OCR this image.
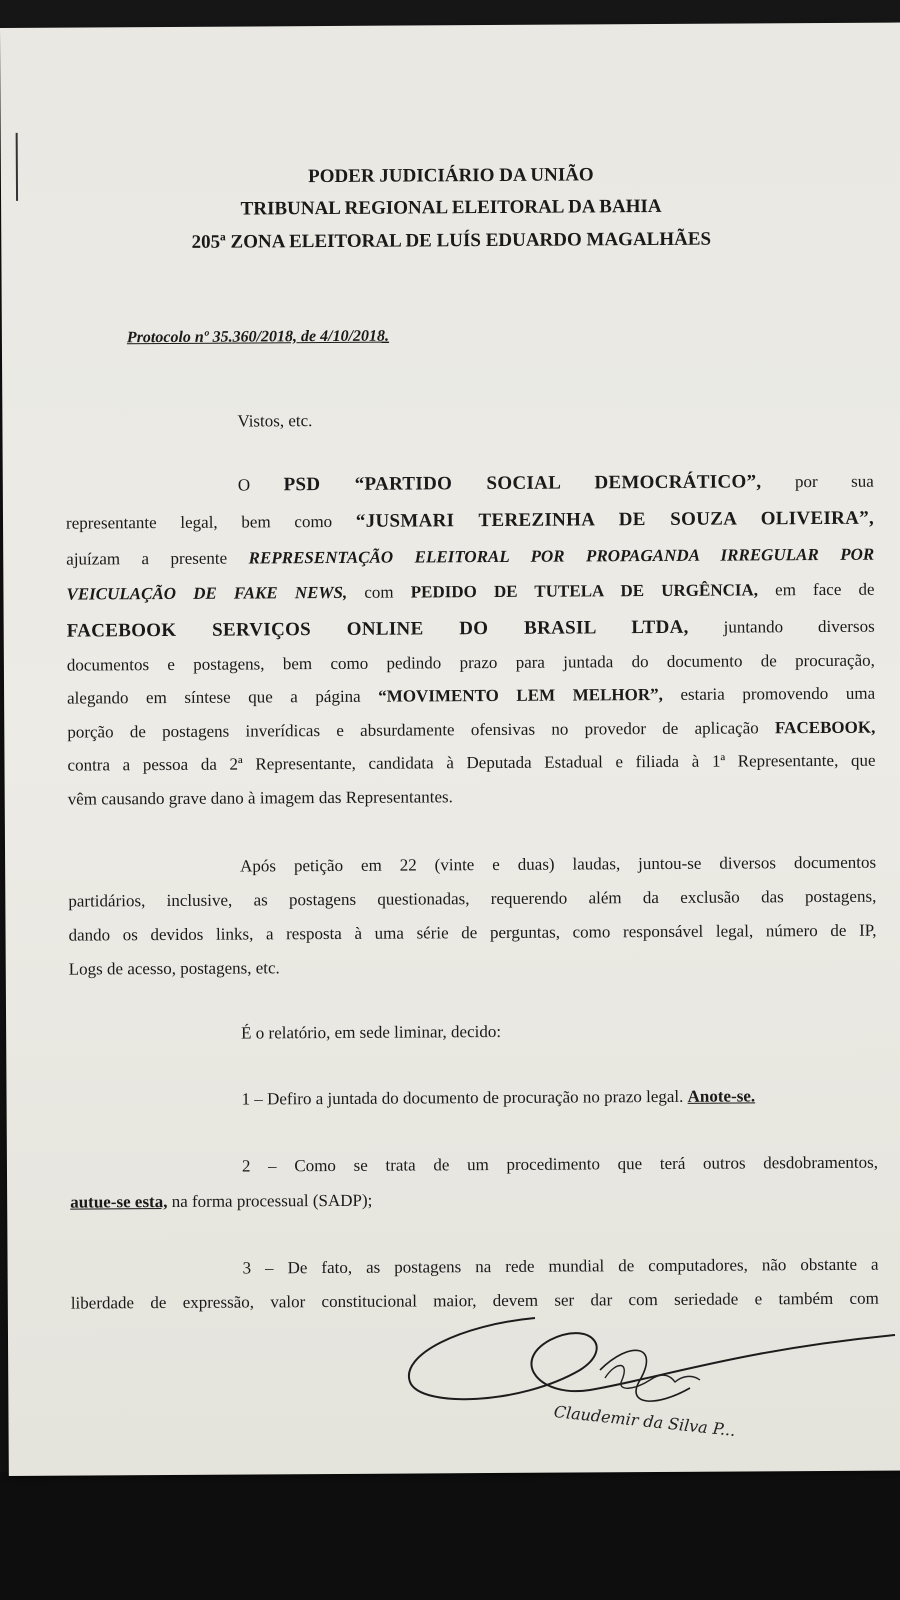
PODER JUDICIÁRIO DA UNIÃO
TRIBUNAL REGIONAL ELEITORAL DA BAHIA
205ª ZONA ELEITORAL DE LUÍS EDUARDO MAGALHÃES
Protocolo nº 35.360/2018, de 4/10/2018.
Vistos, etc.
O PSD “PARTIDO SOCIAL DEMOCRÁTICO”, por sua
representante legal, bem como “JUSMARI TEREZINHA DE SOUZA OLIVEIRA”,
ajuízam a presente REPRESENTAÇÃO ELEITORAL POR PROPAGANDA IRREGULAR POR
VEICULAÇÃO DE FAKE NEWS, com PEDIDO DE TUTELA DE URGÊNCIA, em face de
FACEBOOK SERVIÇOS ONLINE DO BRASIL LTDA, juntando diversos
documentos e postagens, bem como pedindo prazo para juntada do documento de procuração,
alegando em síntese que a página “MOVIMENTO LEM MELHOR”, estaria promovendo uma
porção de postagens inverídicas e absurdamente ofensivas no provedor de aplicação FACEBOOK,
contra a pessoa da 2ª Representante, candidata à Deputada Estadual e filiada à 1ª Representante, que
vêm causando grave dano à imagem das Representantes.
Após petição em 22 (vinte e duas) laudas, juntou-se diversos documentos
partidários, inclusive, as postagens questionadas, requerendo além da exclusão das postagens,
dando os devidos links, a resposta à uma série de perguntas, como responsável legal, número de IP,
Logs de acesso, postagens, etc.
É o relatório, em sede liminar, decido:
1 – Defiro a juntada do documento de procuração no prazo legal. Anote-se.
2 – Como se trata de um procedimento que terá outros desdobramentos,
autue-se esta, na forma processual (SADP);
3 – De fato, as postagens na rede mundial de computadores, não obstante a
liberdade de expressão, valor constitucional maior, devem ser dar com seriedade e também com
Claudemir da Silva P...
